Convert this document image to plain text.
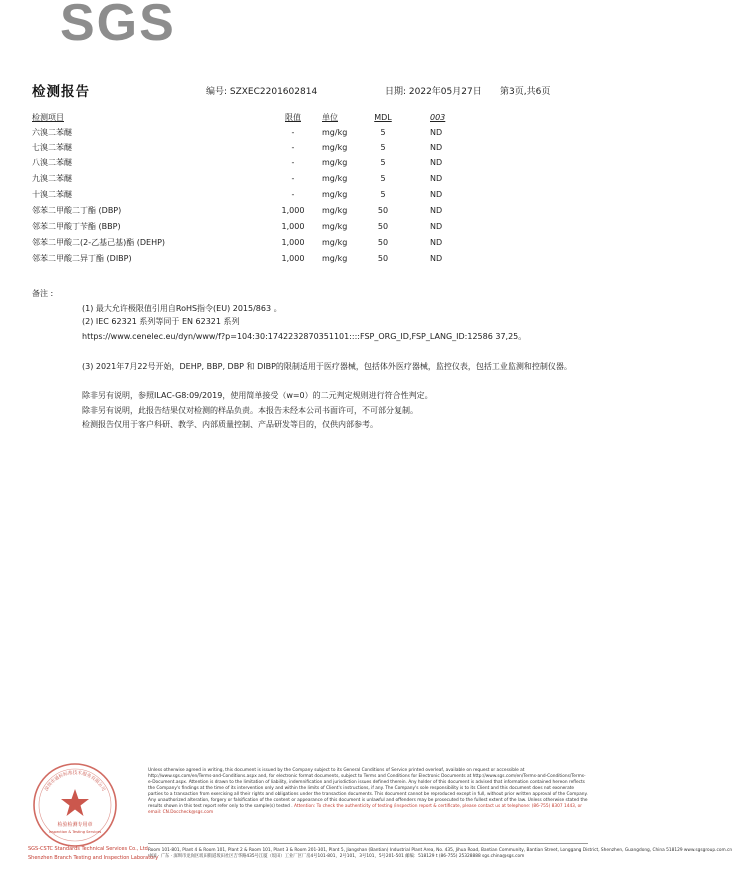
SGS
检测报告	编号: SZXEC2201602814	日期: 2022年05月27日 第3页,共6页
检测项目	限值	单位	MDL	003
六溴二苯醚	-	mg/kg	5	ND
七溴二苯醚	-	mg/kg	5	ND
八溴二苯醚	-	mg/kg	5	ND
九溴二苯醚	-	mg/kg	5	ND
十溴二苯醚	-	mg/kg	5	ND
邻苯二甲酸二丁酯 (DBP)	1,000	mg/kg	50	ND
邻苯二甲酸丁苄酯 (BBP)	1,000	mg/kg	50	ND
邻苯二甲酸二(2-乙基己基)酯 (DEHP)	1,000	mg/kg	50	ND
邻苯二甲酸二异丁酯 (DIBP)	1,000	mg/kg	50	ND
备注 :
(1) 最大允许极限值引用自RoHS指令(EU) 2015/863 。
(2) IEC 62321 系列等同于 EN 62321 系列
https://www.cenelec.eu/dyn/www/f?p=104:30:1742232870351101::::FSP_ORG_ID,FSP_LANG_ID:12586 37,25。
(3) 2021年7月22号开始，DEHP, BBP, DBP 和 DIBP的限制适用于医疗器械，包括体外医疗器械，监控仪表，包括工业监测和控制仪器。
除非另有说明，参照ILAC-G8:09/2019，使用简单接受（w=0）的二元判定规则进行符合性判定。
除非另有说明，此报告结果仅对检测的样品负责。本报告未经本公司书面许可，不可部分复制。
检测报告仅用于客户科研、教学、内部质量控制、产品研发等目的，仅供内部参考。
检验检测专用章
Inspection & Testing Services
深圳市通标标准技术服务有限公司
SGS-CSTC Standards Technical Services Co., Ltd.
Shenzhen Branch Testing and Inspection Laboratory
Unless otherwise agreed in writing, this document is issued by the Company subject to its General Conditions of Service printed overleaf, available on request or accessible at http://www.sgs.com/en/Terms-and-Conditions.aspx and, for electronic format documents, subject to Terms and Conditions for Electronic Documents at http://www.sgs.com/en/Terms-and-Conditions/Terms-e-Document.aspx. Attention is drawn to the limitation of liability, indemnification and jurisdiction issues defined therein. Any holder of this document is advised that information contained hereon reflects the Company's findings at the time of its intervention only and within the limits of Client's instructions, if any. The Company's sole responsibility is to its Client and this document does not exonerate parties to a transaction from exercising all their rights and obligations under the transaction documents. This document cannot be reproduced except in full, without prior written approval of the Company. Any unauthorized alteration, forgery or falsification of the content or appearance of this document is unlawful and offenders may be prosecuted to the fullest extent of the law. Unless otherwise stated the results shown in this test report refer only to the sample(s) tested . Attention: To check the authenticity of testing /inspection report & certificate, please contact us at telephone: (86-755) 8307 1443, or email: CN.Doccheck@sgs.com
Room 101-801, Plant 4 & Room 101, Plant 2 & Room 101, Plant 3 & Room 201-301, Plant 5, Jiangshan (Bantian) Industrial Plant Area, No. 435, Jihua Road, Bantian Community, Bantian Street, Longgang District, Shenzhen, Guangdong, China 518129 www.sgsgroup.com.cn
中国 · 广东 · 深圳市龙岗区坂田街道坂田社区吉华路435号江厦（坂田）工业厂区厂房4号101-801，2号101，3号101，5号201-501 邮编：518129 t (86-755) 25328888 sgs.china@sgs.com
